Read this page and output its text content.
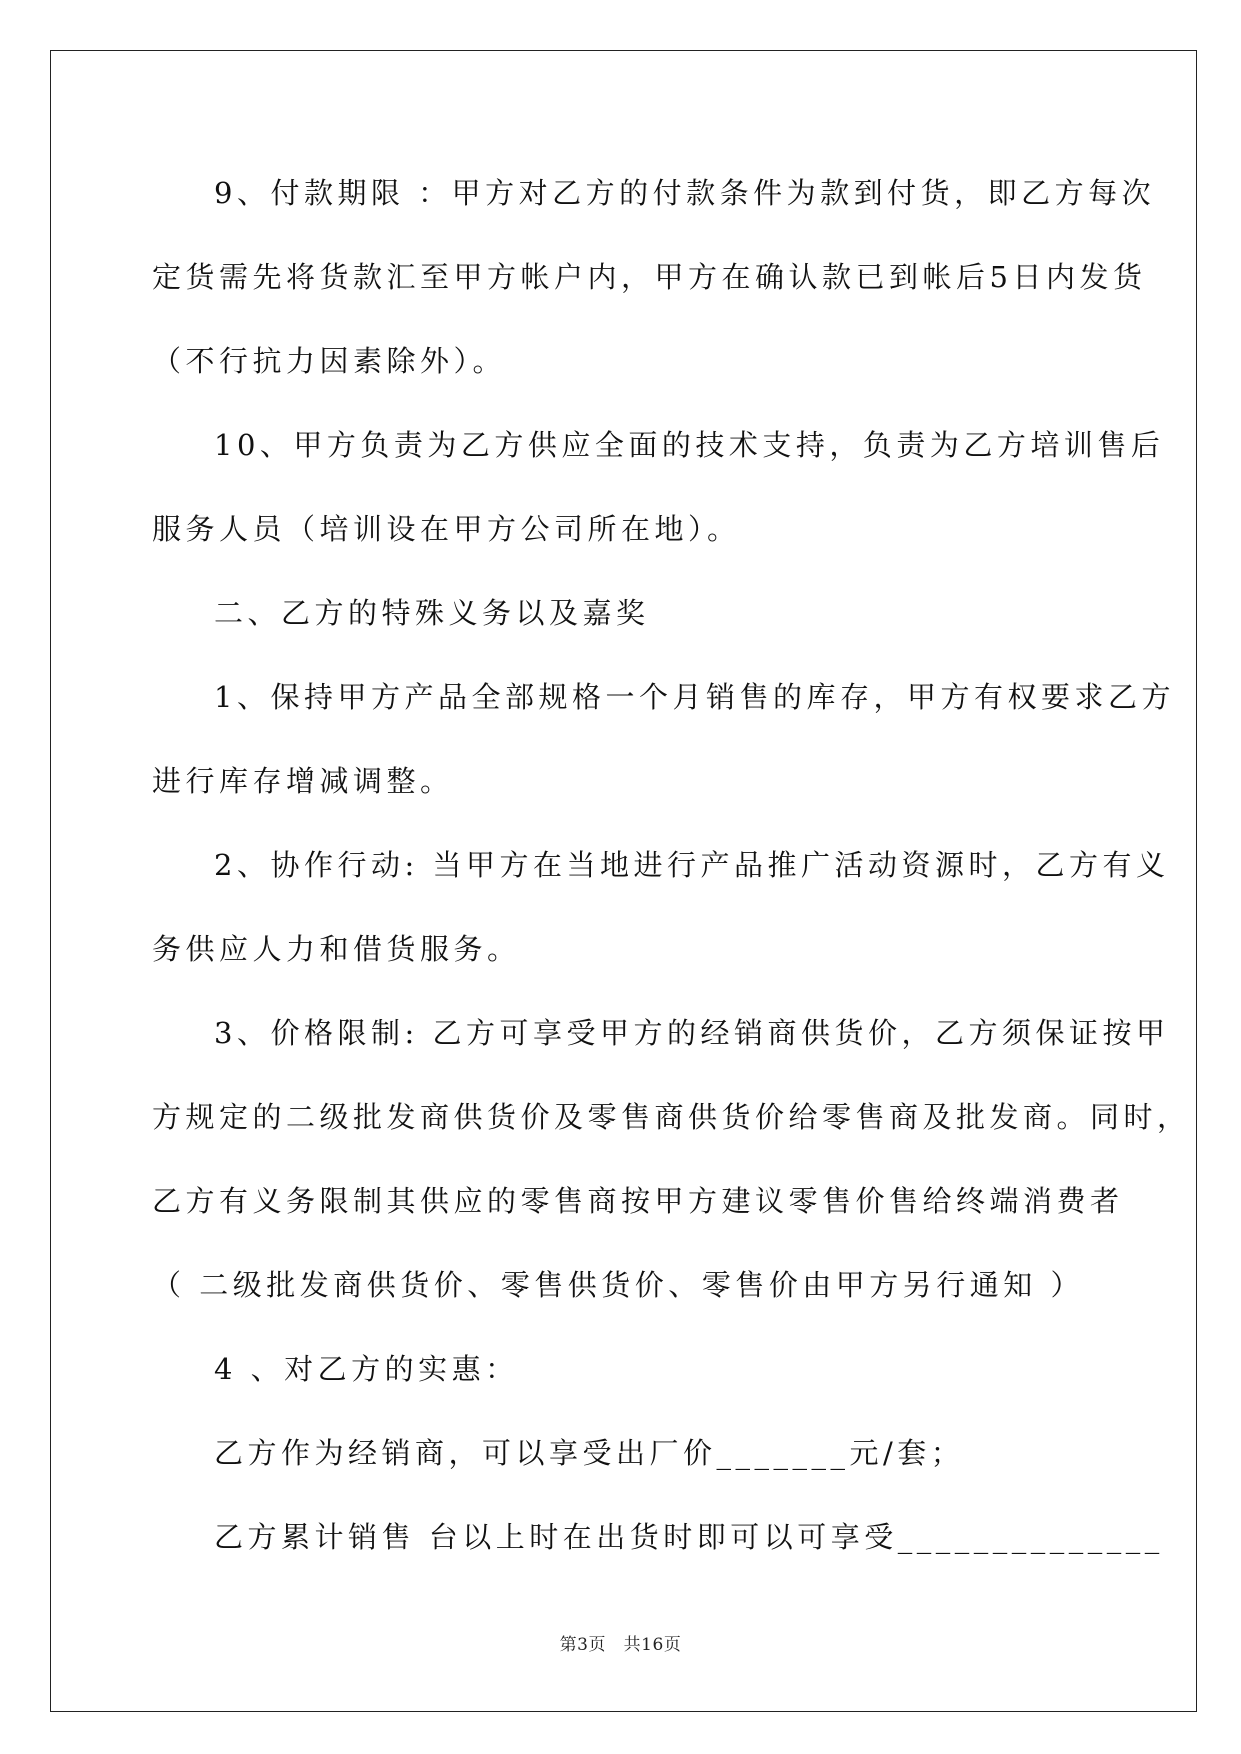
9、付款期限 ：甲方对乙方的付款条件为款到付货，即乙方每次
定货需先将货款汇至甲方帐户内，甲方在确认款已到帐后5日内发货
（不行抗力因素除外）。
10、甲方负责为乙方供应全面的技术支持，负责为乙方培训售后
服务人员（培训设在甲方公司所在地）。
二、乙方的特殊义务以及嘉奖
1、保持甲方产品全部规格一个月销售的库存，甲方有权要求乙方
进行库存增减调整。
2、协作行动: 当甲方在当地进行产品推广活动资源时，乙方有义
务供应人力和借货服务。
3、价格限制: 乙方可享受甲方的经销商供货价，乙方须保证按甲
方规定的二级批发商供货价及零售商供货价给零售商及批发商。同时，
乙方有义务限制其供应的零售商按甲方建议零售价售给终端消费者
（ 二级批发商供货价、零售供货价、零售价由甲方另行通知 ）
4 、对乙方的实惠：
乙方作为经销商，可以享受出厂价_______元/套；
乙方累计销售 台以上时在出货时即可以可享受______________
第3页   共16页
